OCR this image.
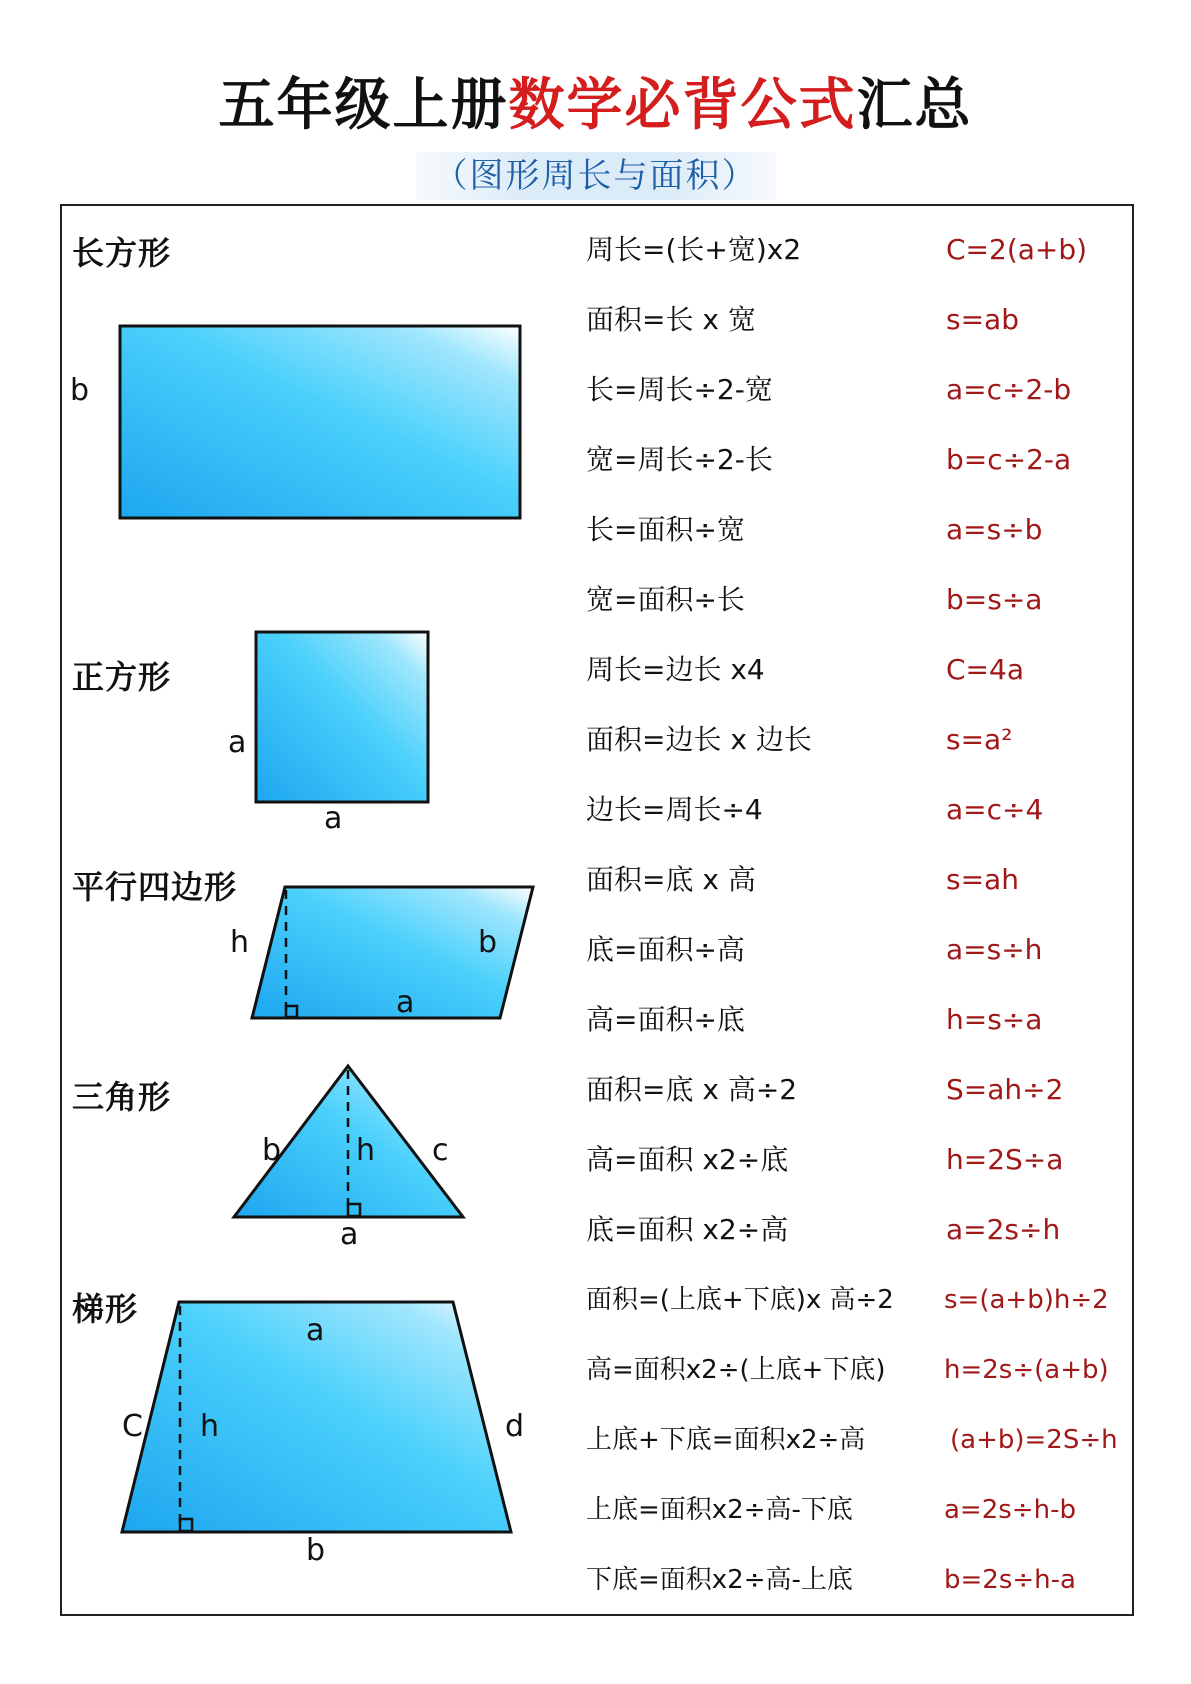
五年级上册数学必背公式汇总
（图形周长与面积）
b
a
a
h	b
a
b h c
a
a
C h	d
b
长方形
正方形
平行四边形
三角形
梯形
周长=(长+宽)x2	C=2(a+b)
面积=长 x 宽	s=ab
长=周长÷2-宽	a=c÷2-b
宽=周长÷2-长	b=c÷2-a
长=面积÷宽	a=s÷b
宽=面积÷长	b=s÷a
周长=边长 x4	C=4a
面积=边长 x 边长	s=a²
边长=周长÷4	a=c÷4
面积=底 x 高	s=ah
底=面积÷高	a=s÷h
高=面积÷底	h=s÷a
面积=底 x 高÷2	S=ah÷2
高=面积 x2÷底	h=2S÷a
底=面积 x2÷高	a=2s÷h
面积=(上底+下底)x 高÷2 s=(a+b)h÷2
高=面积x2÷(上底+下底) h=2s÷(a+b)
上底+下底=面积x2÷高	(a+b)=2S÷h
上底=面积x2÷高-下底	a=2s÷h-b
下底=面积x2÷高-上底	b=2s÷h-a
